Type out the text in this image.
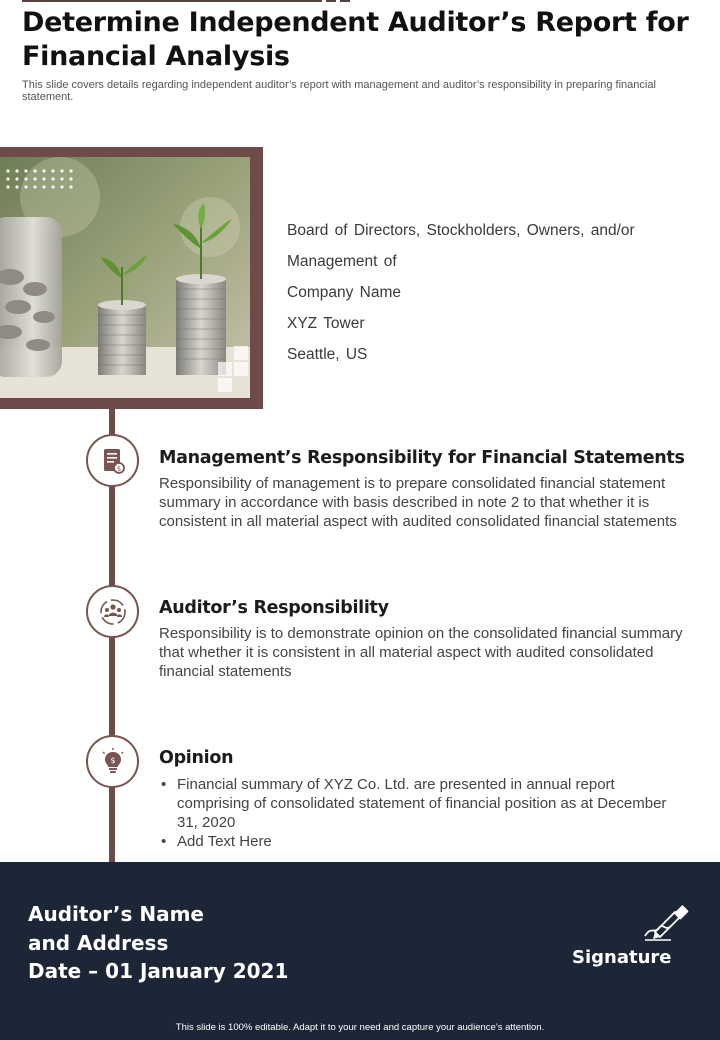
Determine Independent Auditor’s Report for Financial Analysis
This slide covers details regarding independent auditor’s report with management and auditor’s responsibility in preparing financial statement.
Board of Directors, Stockholders, Owners, and/or
Management of
Company Name
XYZ Tower
Seattle, US
$
Management’s Responsibility for Financial Statements

Responsibility of management is to prepare consolidated financial statement summary in accordance with basis described in note 2 to that whether it is consistent in all material aspect with audited consolidated financial statements

Auditor’s Responsibility

Responsibility is to demonstrate opinion on the consolidated financial summary that whether it is consistent in all material aspect with audited consolidated financial statements

$	Opinion
• Financial summary of XYZ Co. Ltd. are presented in annual report comprising of consolidated statement of financial position as at December 31, 2020
• Add Text Here
Auditor’s Name
and Address
Date – 01 January 2021
Signature
This slide is 100% editable. Adapt it to your need and capture your audience’s attention.
